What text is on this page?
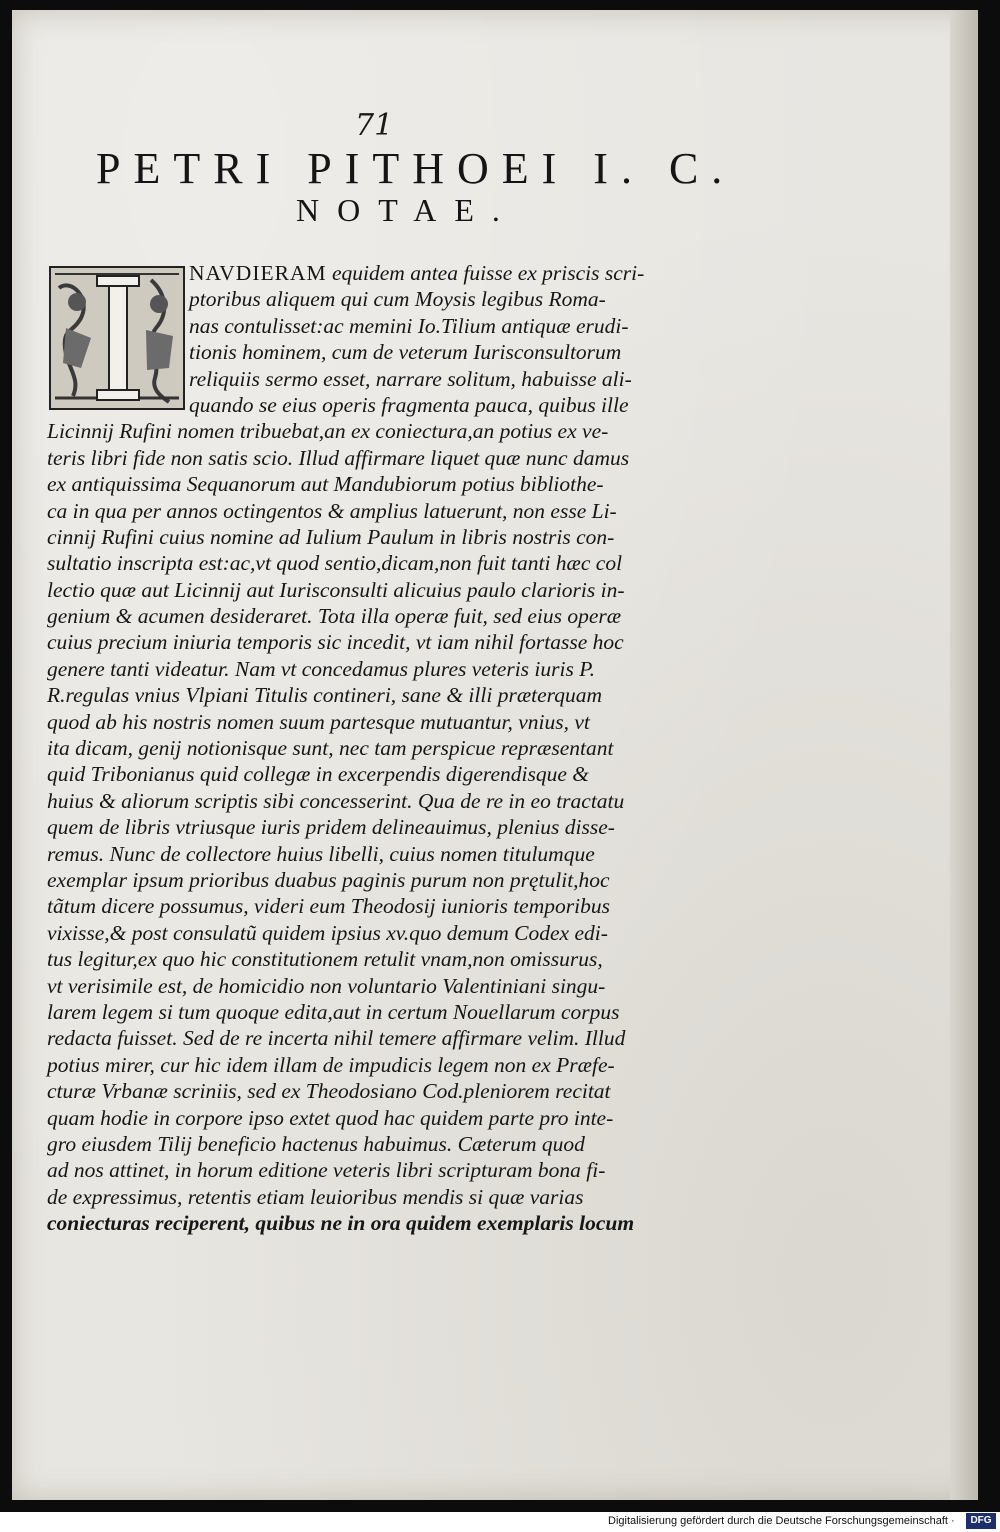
71

PETRI PITHOEI I. C.
NOTAE.
NAVDIERAM equidem antea fuisse ex priscis scri-
ptoribus aliquem qui cum Moysis legibus Roma-
nas contulisset:ac memini Io.Tilium antiquæ erudi-
tionis hominem, cum de veterum Iurisconsultorum
reliquiis sermo esset, narrare solitum, habuisse ali-
quando se eius operis fragmenta pauca, quibus ille
Licinnij Rufini nomen tribuebat,an ex coniectura,an potius ex ve-
teris libri fide non satis scio. Illud affirmare liquet quæ nunc damus
ex antiquissima Sequanorum aut Mandubiorum potius bibliothe-
ca in qua per annos octingentos & amplius latuerunt, non esse Li-
cinnij Rufini cuius nomine ad Iulium Paulum in libris nostris con-
sultatio inscripta est:ac,vt quod sentio,dicam,non fuit tanti hæc col
lectio quæ aut Licinnij aut Iurisconsulti alicuius paulo clarioris in-
genium & acumen desideraret. Tota illa operæ fuit, sed eius operæ
cuius precium iniuria temporis sic incedit, vt iam nihil fortasse hoc
genere tanti videatur. Nam vt concedamus plures veteris iuris P.
R.regulas vnius Vlpiani Titulis contineri, sane & illi præterquam
quod ab his nostris nomen suum partesque mutuantur, vnius, vt
ita dicam, genij notionisque sunt, nec tam perspicue repræsentant
quid Tribonianus quid collegæ in excerpendis digerendisque &
huius & aliorum scriptis sibi concesserint. Qua de re in eo tractatu
quem de libris vtriusque iuris pridem delineauimus, plenius disse-
remus. Nunc de collectore huius libelli, cuius nomen titulumque
exemplar ipsum prioribus duabus paginis purum non prętulit,hoc
tãtum dicere possumus, videri eum Theodosij iunioris temporibus
vixisse,& post consulatũ quidem ipsius xv.quo demum Codex edi-
tus legitur,ex quo hic constitutionem retulit vnam,non omissurus,
vt verisimile est, de homicidio non voluntario Valentiniani singu-
larem legem si tum quoque edita,aut in certum Nouellarum corpus
redacta fuisset. Sed de re incerta nihil temere affirmare velim. Illud
potius mirer, cur hic idem illam de impudicis legem non ex Præfe-
cturæ Vrbanæ scriniis, sed ex Theodosiano Cod.pleniorem recitat
quam hodie in corpore ipso extet quod hac quidem parte pro inte-
gro eiusdem Tilij beneficio hactenus habuimus. Cæterum quod
ad nos attinet, in horum editione veteris libri scripturam bona fi-
de expressimus, retentis etiam leuioribus mendis si quæ varias
coniecturas reciperent, quibus ne in ora quidem exemplaris locum
Digitalisierung gefördert durch die Deutsche Forschungsgemeinschaft ·	DFG
